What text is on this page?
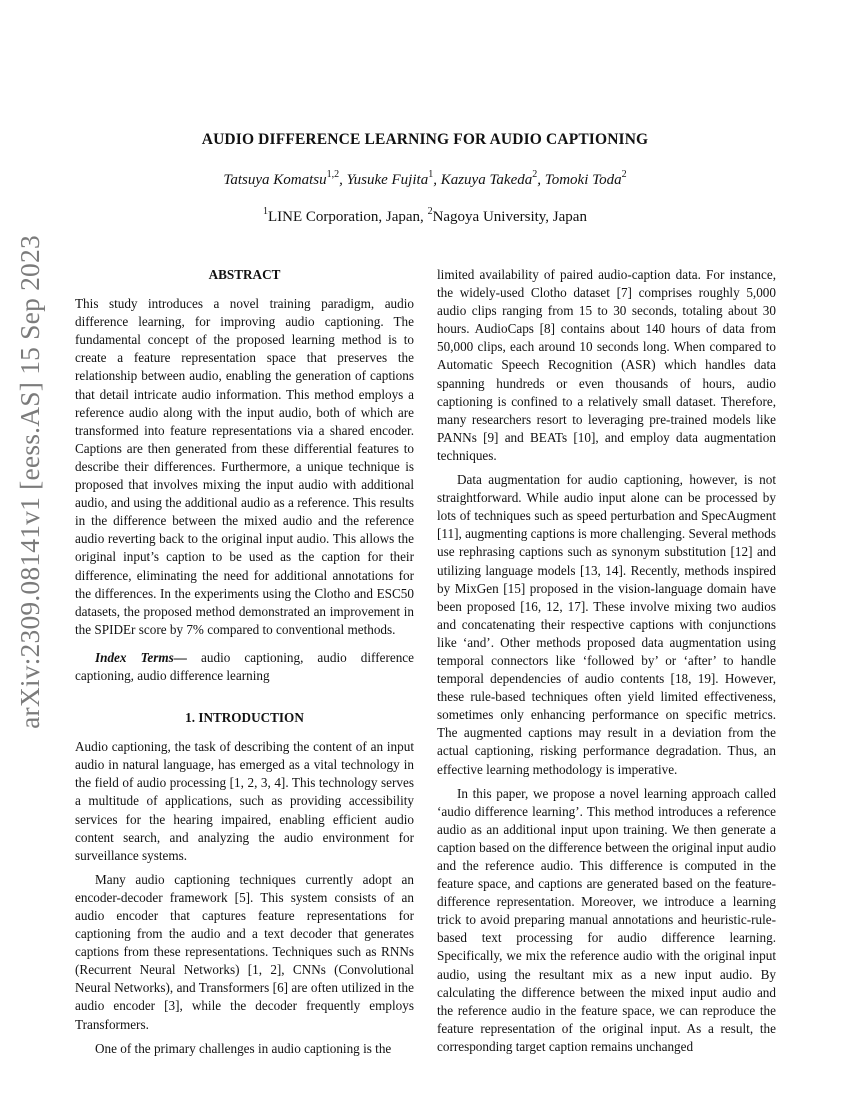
arXiv:2309.08141v1 [eess.AS] 15 Sep 2023
AUDIO DIFFERENCE LEARNING FOR AUDIO CAPTIONING
Tatsuya Komatsu$^{1,2}$, Yusuke Fujita$^1$, Kazuya Takeda$^2$, Tomoki Toda$^2$
$^1$LINE Corporation, Japan, $^2$Nagoya University, Japan
ABSTRACT

This study introduces a novel training paradigm, audio difference learning, for improving audio captioning. The fundamental concept of the proposed learning method is to create a feature representation space that preserves the relationship between audio, enabling the generation of captions that detail intricate audio information. This method employs a reference audio along with the input audio, both of which are transformed into feature representations via a shared encoder. Captions are then generated from these differential features to describe their differences. Furthermore, a unique technique is proposed that involves mixing the input audio with additional audio, and using the additional audio as a reference. This results in the difference between the mixed audio and the reference audio reverting back to the original input audio. This allows the original input’s caption to be used as the caption for their difference, eliminating the need for additional annotations for the differences. In the experiments using the Clotho and ESC50 datasets, the proposed method demonstrated an improvement in the SPIDEr score by 7% compared to conventional methods.

Index Terms— audio captioning, audio difference captioning, audio difference learning

1. INTRODUCTION

Audio captioning, the task of describing the content of an input audio in natural language, has emerged as a vital technology in the field of audio processing [1, 2, 3, 4]. This technology serves a multitude of applications, such as providing accessibility services for the hearing impaired, enabling efficient audio content search, and analyzing the audio environment for surveillance systems.

Many audio captioning techniques currently adopt an encoder-decoder framework [5]. This system consists of an audio encoder that captures feature representations for captioning from the audio and a text decoder that generates captions from these representations. Techniques such as RNNs (Recurrent Neural Networks) [1, 2], CNNs (Convolutional Neural Networks), and Transformers [6] are often utilized in the audio encoder [3], while the decoder frequently employs Transformers.

One of the primary challenges in audio captioning is the

limited availability of paired audio-caption data. For instance, the widely-used Clotho dataset [7] comprises roughly 5,000 audio clips ranging from 15 to 30 seconds, totaling about 30 hours. AudioCaps [8] contains about 140 hours of data from 50,000 clips, each around 10 seconds long. When compared to Automatic Speech Recognition (ASR) which handles data spanning hundreds or even thousands of hours, audio captioning is confined to a relatively small dataset. Therefore, many researchers resort to leveraging pre-trained models like PANNs [9] and BEATs [10], and employ data augmentation techniques.

Data augmentation for audio captioning, however, is not straightforward. While audio input alone can be processed by lots of techniques such as speed perturbation and SpecAugment [11], augmenting captions is more challenging. Several methods use rephrasing captions such as synonym substitution [12] and utilizing language models [13, 14]. Recently, methods inspired by MixGen [15] proposed in the vision-language domain have been proposed [16, 12, 17]. These involve mixing two audios and concatenating their respective captions with conjunctions like ‘and’. Other methods proposed data augmentation using temporal connectors like ‘followed by’ or ‘after’ to handle temporal dependencies of audio contents [18, 19]. However, these rule-based techniques often yield limited effectiveness, sometimes only enhancing performance on specific metrics. The augmented captions may result in a deviation from the actual captioning, risking performance degradation. Thus, an effective learning methodology is imperative.

In this paper, we propose a novel learning approach called ‘audio difference learning’. This method introduces a reference audio as an additional input upon training. We then generate a caption based on the difference between the original input audio and the reference audio. This difference is computed in the feature space, and captions are generated based on the feature-difference representation. Moreover, we introduce a learning trick to avoid preparing manual annotations and heuristic-rule-based text processing for audio difference learning. Specifically, we mix the reference audio with the original input audio, using the resultant mix as a new input audio. By calculating the difference between the mixed input audio and the reference audio in the feature space, we can reproduce the feature representation of the original input. As a result, the corresponding target caption remains unchanged
